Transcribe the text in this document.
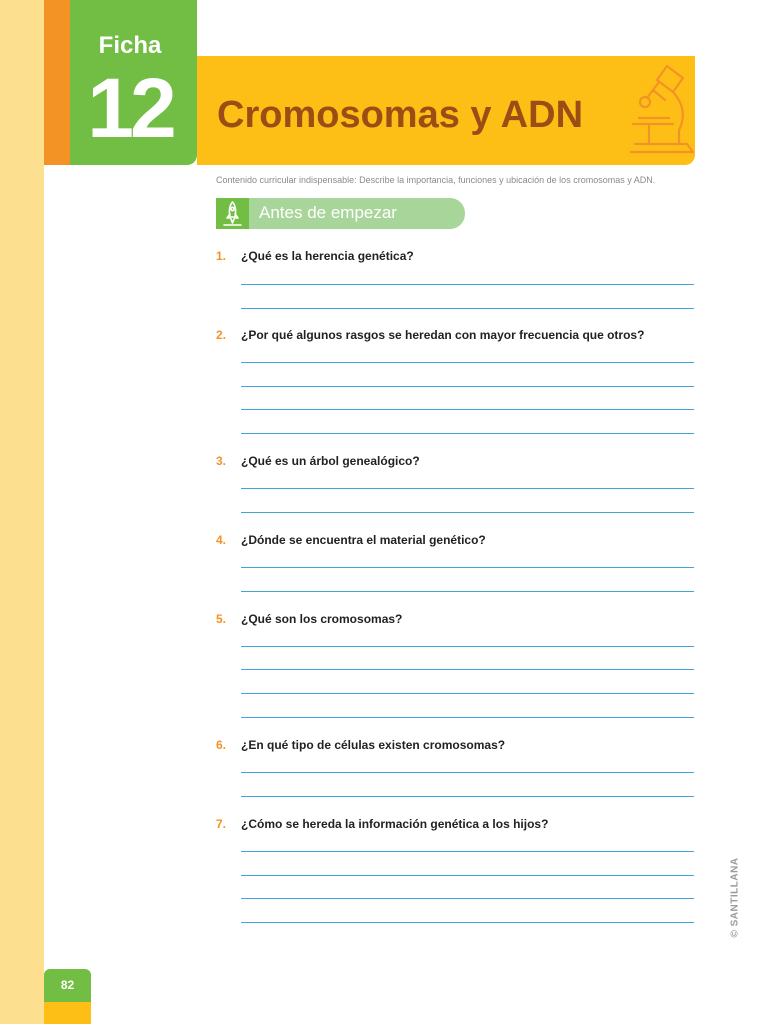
Ficha
12	Cromosomas y ADN
Contenido curricular indispensable: Describe la importancia, funciones y ubicación de los cromosomas y ADN.
Antes de empezar
1. ¿Qué es la herencia genética?
2. ¿Por qué algunos rasgos se heredan con mayor frecuencia que otros?
3. ¿Qué es un árbol genealógico?
4. ¿Dónde se encuentra el material genético?
5. ¿Qué son los cromosomas?
6. ¿En qué tipo de células existen cromosomas?
7. ¿Cómo se hereda la información genética a los hijos?
© SANTILLANA
82
